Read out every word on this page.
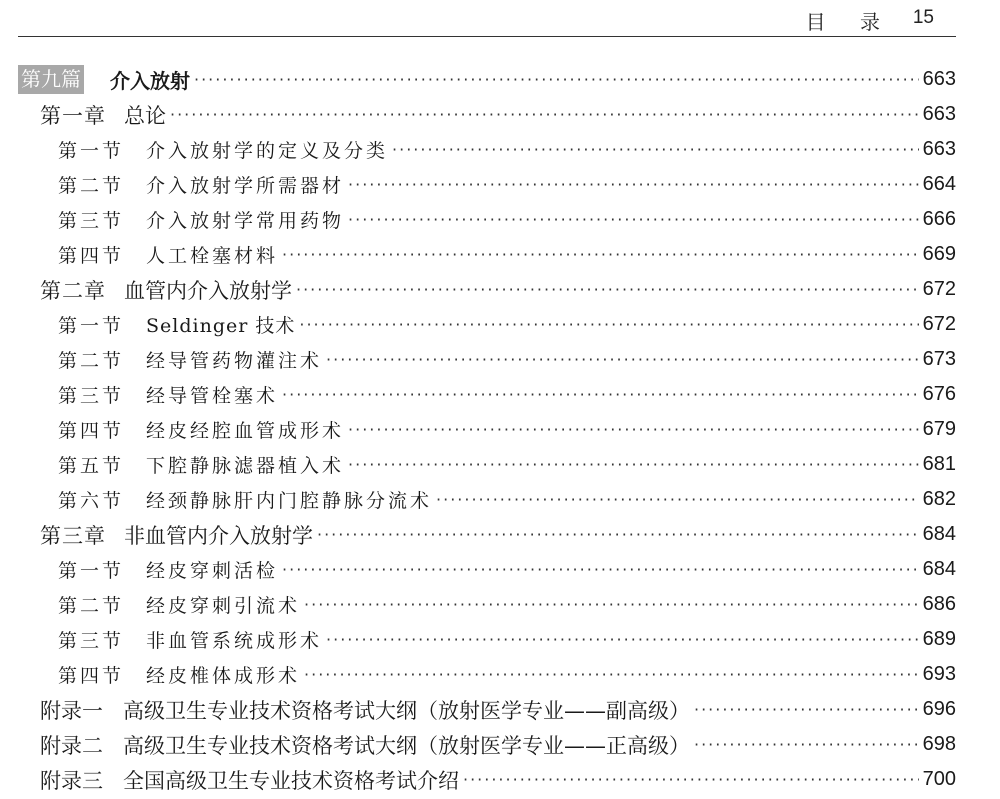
目 录 15
第九篇 介入放射 ·····	663
第一章 总论 ·····	663
第一节 介入放射学的定义及分类 ·····	663
第二节 介入放射学所需器材 ·····	664
第三节 介入放射学常用药物 ·····	666
第四节 人工栓塞材料 ·····	669
第二章 血管内介入放射学 ·····	672
第一节 Seldinger 技术 ·····	672
第二节 经导管药物灌注术 ·····	673
第三节 经导管栓塞术 ·····	676
第四节 经皮经腔血管成形术 ·····	679
第五节 下腔静脉滤器植入术 ·····	681
第六节 经颈静脉肝内门腔静脉分流术 ·····	682
第三章 非血管内介入放射学 ·····	684
第一节 经皮穿刺活检 ·····	684
第二节 经皮穿刺引流术 ·····	686
第三节 非血管系统成形术 ·····	689
第四节 经皮椎体成形术 ·····	693
附录一 高级卫生专业技术资格考试大纲（放射医学专业——副高级） ·····	696
附录二 高级卫生专业技术资格考试大纲（放射医学专业——正高级） ·····	698
附录三 全国高级卫生专业技术资格考试介绍 ·····	700
